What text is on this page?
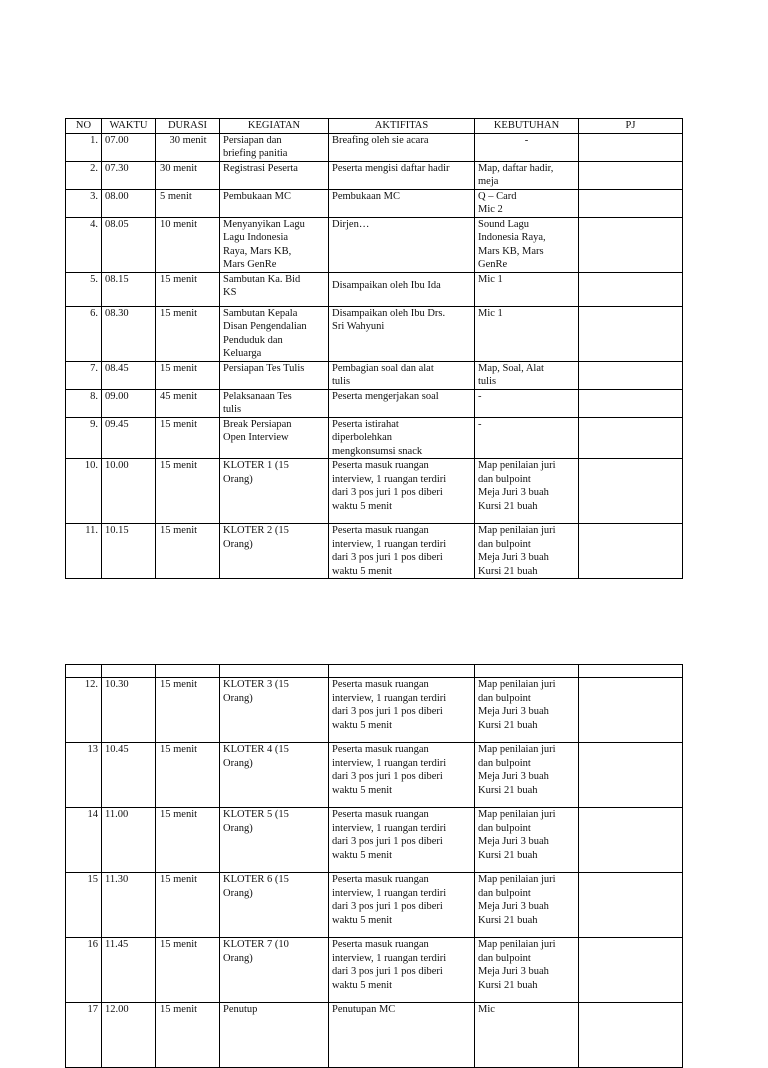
NO	WAKTU	DURASI	KEGIATAN	AKTIFITAS	KEBUTUHAN	PJ
1.	07.00	30 menit	Persiapan dan
briefing panitia	Breafing oleh sie acara	-	
2.	07.30	30 menit	Registrasi Peserta	Peserta mengisi daftar hadir	Map, daftar hadir,
meja	
3.	08.00	5 menit	Pembukaan MC	Pembukaan MC	Q – Card
Mic 2	
4.	08.05	10 menit	Menyanyikan Lagu
Lagu Indonesia
Raya, Mars KB,
Mars GenRe	Dirjen…	Sound Lagu
Indonesia Raya,
Mars KB, Mars
GenRe	
5.	08.15	15 menit	Sambutan Ka. Bid
KS	Disampaikan oleh Ibu Ida	Mic 1	
6.	08.30	15 menit	Sambutan Kepala
Disan Pengendalian
Penduduk dan
Keluarga	Disampaikan oleh Ibu Drs.
Sri Wahyuni	Mic 1	
7.	08.45	15 menit	Persiapan Tes Tulis	Pembagian soal dan alat
tulis	Map, Soal, Alat
tulis	
8.	09.00	45 menit	Pelaksanaan Tes
tulis	Peserta mengerjakan soal	-	
9.	09.45	15 menit	Break Persiapan
Open Interview	Peserta istirahat
diperbolehkan
mengkonsumsi snack	-	
10.	10.00	15 menit	KLOTER 1 (15
Orang)	Peserta masuk ruangan
interview, 1 ruangan terdiri
dari 3 pos juri 1 pos diberi
waktu 5 menit	Map penilaian juri
dan bulpoint
Meja Juri 3 buah
Kursi 21 buah	
11.	10.15	15 menit	KLOTER 2 (15
Orang)	Peserta masuk ruangan
interview, 1 ruangan terdiri
dari 3 pos juri 1 pos diberi
waktu 5 menit	Map penilaian juri
dan bulpoint
Meja Juri 3 buah
Kursi 21 buah	

12.	10.30	15 menit	KLOTER 3 (15
Orang)	Peserta masuk ruangan
interview, 1 ruangan terdiri
dari 3 pos juri 1 pos diberi
waktu 5 menit	Map penilaian juri
dan bulpoint
Meja Juri 3 buah
Kursi 21 buah	
13	10.45	15 menit	KLOTER 4 (15
Orang)	Peserta masuk ruangan
interview, 1 ruangan terdiri
dari 3 pos juri 1 pos diberi
waktu 5 menit	Map penilaian juri
dan bulpoint
Meja Juri 3 buah
Kursi 21 buah	
14	11.00	15 menit	KLOTER 5 (15
Orang)	Peserta masuk ruangan
interview, 1 ruangan terdiri
dari 3 pos juri 1 pos diberi
waktu 5 menit	Map penilaian juri
dan bulpoint
Meja Juri 3 buah
Kursi 21 buah	
15	11.30	15 menit	KLOTER 6 (15
Orang)	Peserta masuk ruangan
interview, 1 ruangan terdiri
dari 3 pos juri 1 pos diberi
waktu 5 menit	Map penilaian juri
dan bulpoint
Meja Juri 3 buah
Kursi 21 buah	
16	11.45	15 menit	KLOTER 7 (10
Orang)	Peserta masuk ruangan
interview, 1 ruangan terdiri
dari 3 pos juri 1 pos diberi
waktu 5 menit	Map penilaian juri
dan bulpoint
Meja Juri 3 buah
Kursi 21 buah	
17	12.00	15 menit	Penutup	Penutupan MC	Mic	
